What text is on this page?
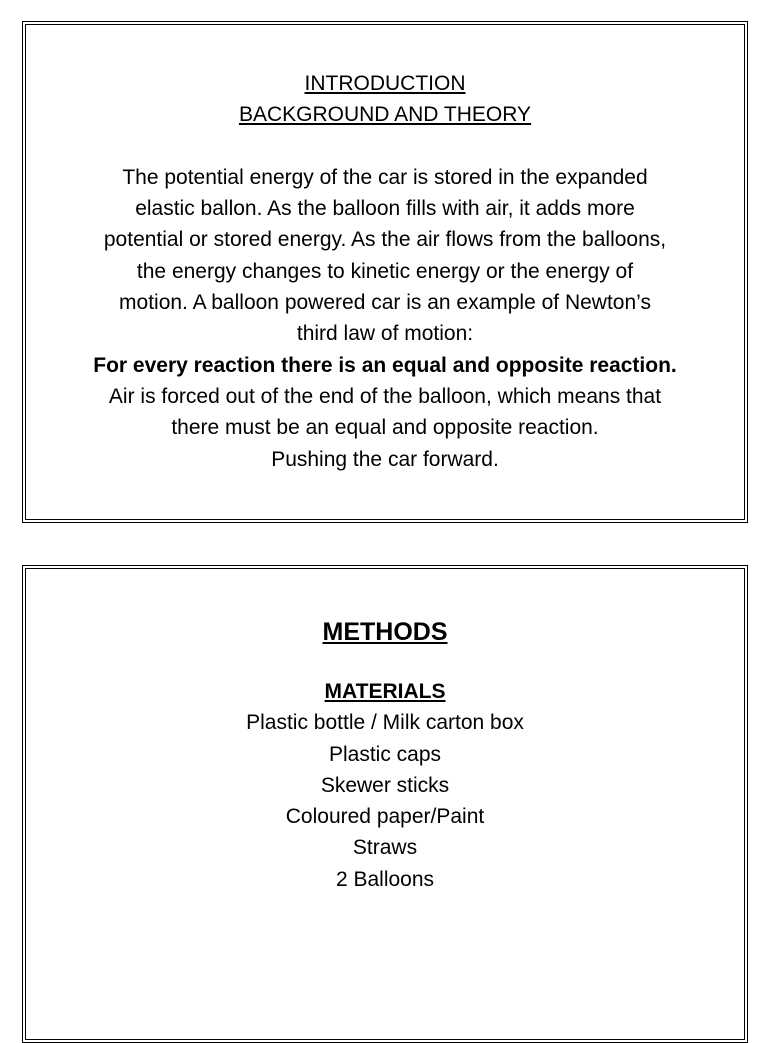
INTRODUCTION
BACKGROUND AND THEORY
The potential energy of the car is stored in the expanded
elastic ballon. As the balloon fills with air, it adds more
potential or stored energy. As the air flows from the balloons,
the energy changes to kinetic energy or the energy of
motion. A balloon powered car is an example of Newton’s
third law of motion:
For every reaction there is an equal and opposite reaction.
Air is forced out of the end of the balloon, which means that
there must be an equal and opposite reaction.
Pushing the car forward.
METHODS
MATERIALS
Plastic bottle / Milk carton box
Plastic caps
Skewer sticks
Coloured paper/Paint
Straws
2 Balloons
